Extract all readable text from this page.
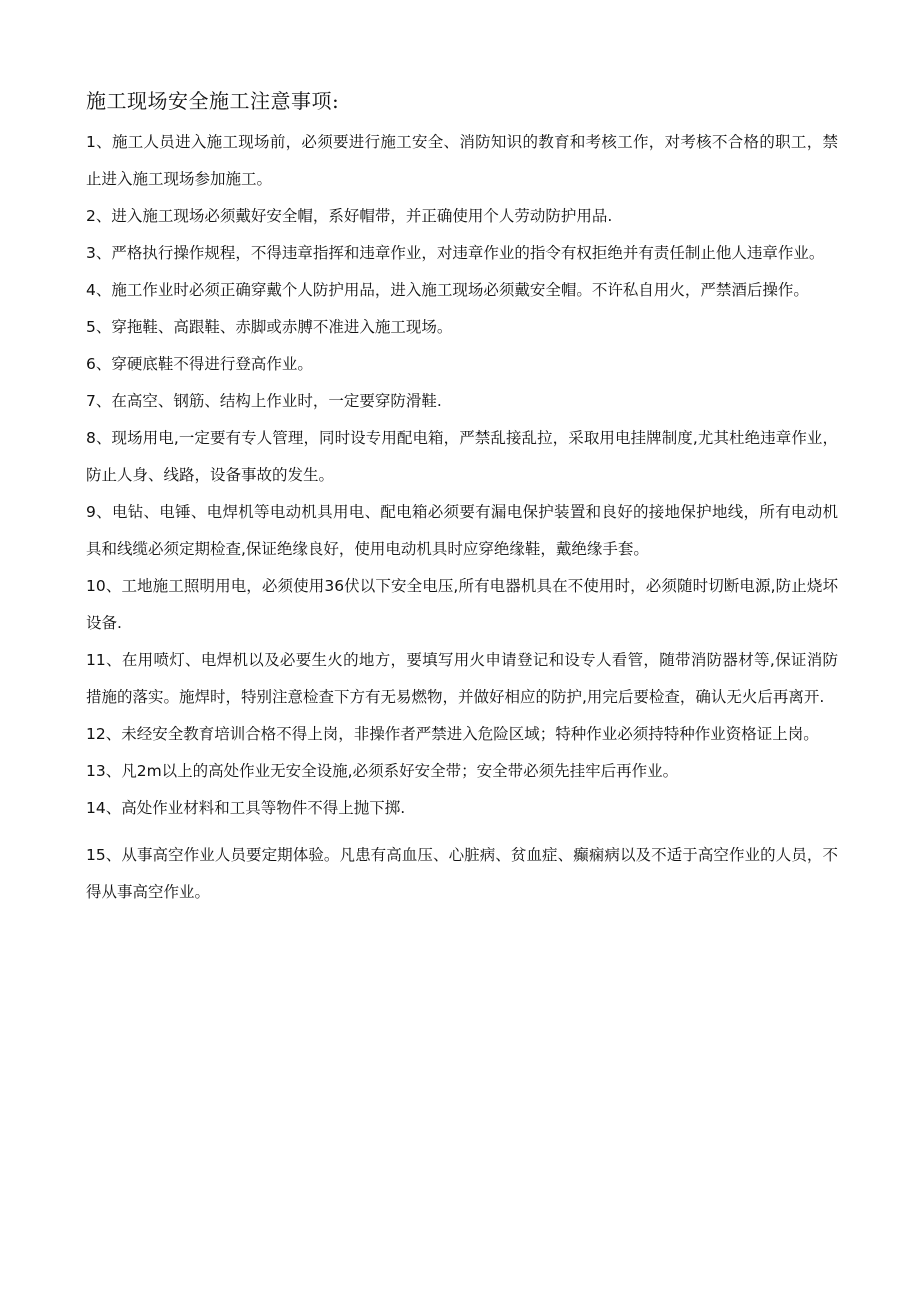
施工现场安全施工注意事项:
1、施工人员进入施工现场前，必须要进行施工安全、消防知识的教育和考核工作，对考核不合格的职工，禁止进入施工现场参加施工。
2、进入施工现场必须戴好安全帽，系好帽带，并正确使用个人劳动防护用品.
3、严格执行操作规程，不得违章指挥和违章作业，对违章作业的指令有权拒绝并有责任制止他人违章作业。
4、施工作业时必须正确穿戴个人防护用品，进入施工现场必须戴安全帽。不许私自用火，严禁酒后操作。
5、穿拖鞋、高跟鞋、赤脚或赤膊不准进入施工现场。
6、穿硬底鞋不得进行登高作业。
7、在高空、钢筋、结构上作业时，一定要穿防滑鞋.
8、现场用电,一定要有专人管理，同时设专用配电箱，严禁乱接乱拉，采取用电挂牌制度,尤其杜绝违章作业，防止人身、线路，设备事故的发生。
9、电钻、电锤、电焊机等电动机具用电、配电箱必须要有漏电保护装置和良好的接地保护地线，所有电动机具和线缆必须定期检查,保证绝缘良好，使用电动机具时应穿绝缘鞋，戴绝缘手套。
10、工地施工照明用电，必须使用36伏以下安全电压,所有电器机具在不使用时，必须随时切断电源,防止烧坏设备.
11、在用喷灯、电焊机以及必要生火的地方，要填写用火申请登记和设专人看管，随带消防器材等,保证消防措施的落实。施焊时，特别注意检查下方有无易燃物，并做好相应的防护,用完后要检查，确认无火后再离开.
12、未经安全教育培训合格不得上岗，非操作者严禁进入危险区域；特种作业必须持特种作业资格证上岗。
13、凡2m以上的高处作业无安全设施,必须系好安全带；安全带必须先挂牢后再作业。
14、高处作业材料和工具等物件不得上抛下掷.
15、从事高空作业人员要定期体验。凡患有高血压、心脏病、贫血症、癫痫病以及不适于高空作业的人员，不得从事高空作业。
